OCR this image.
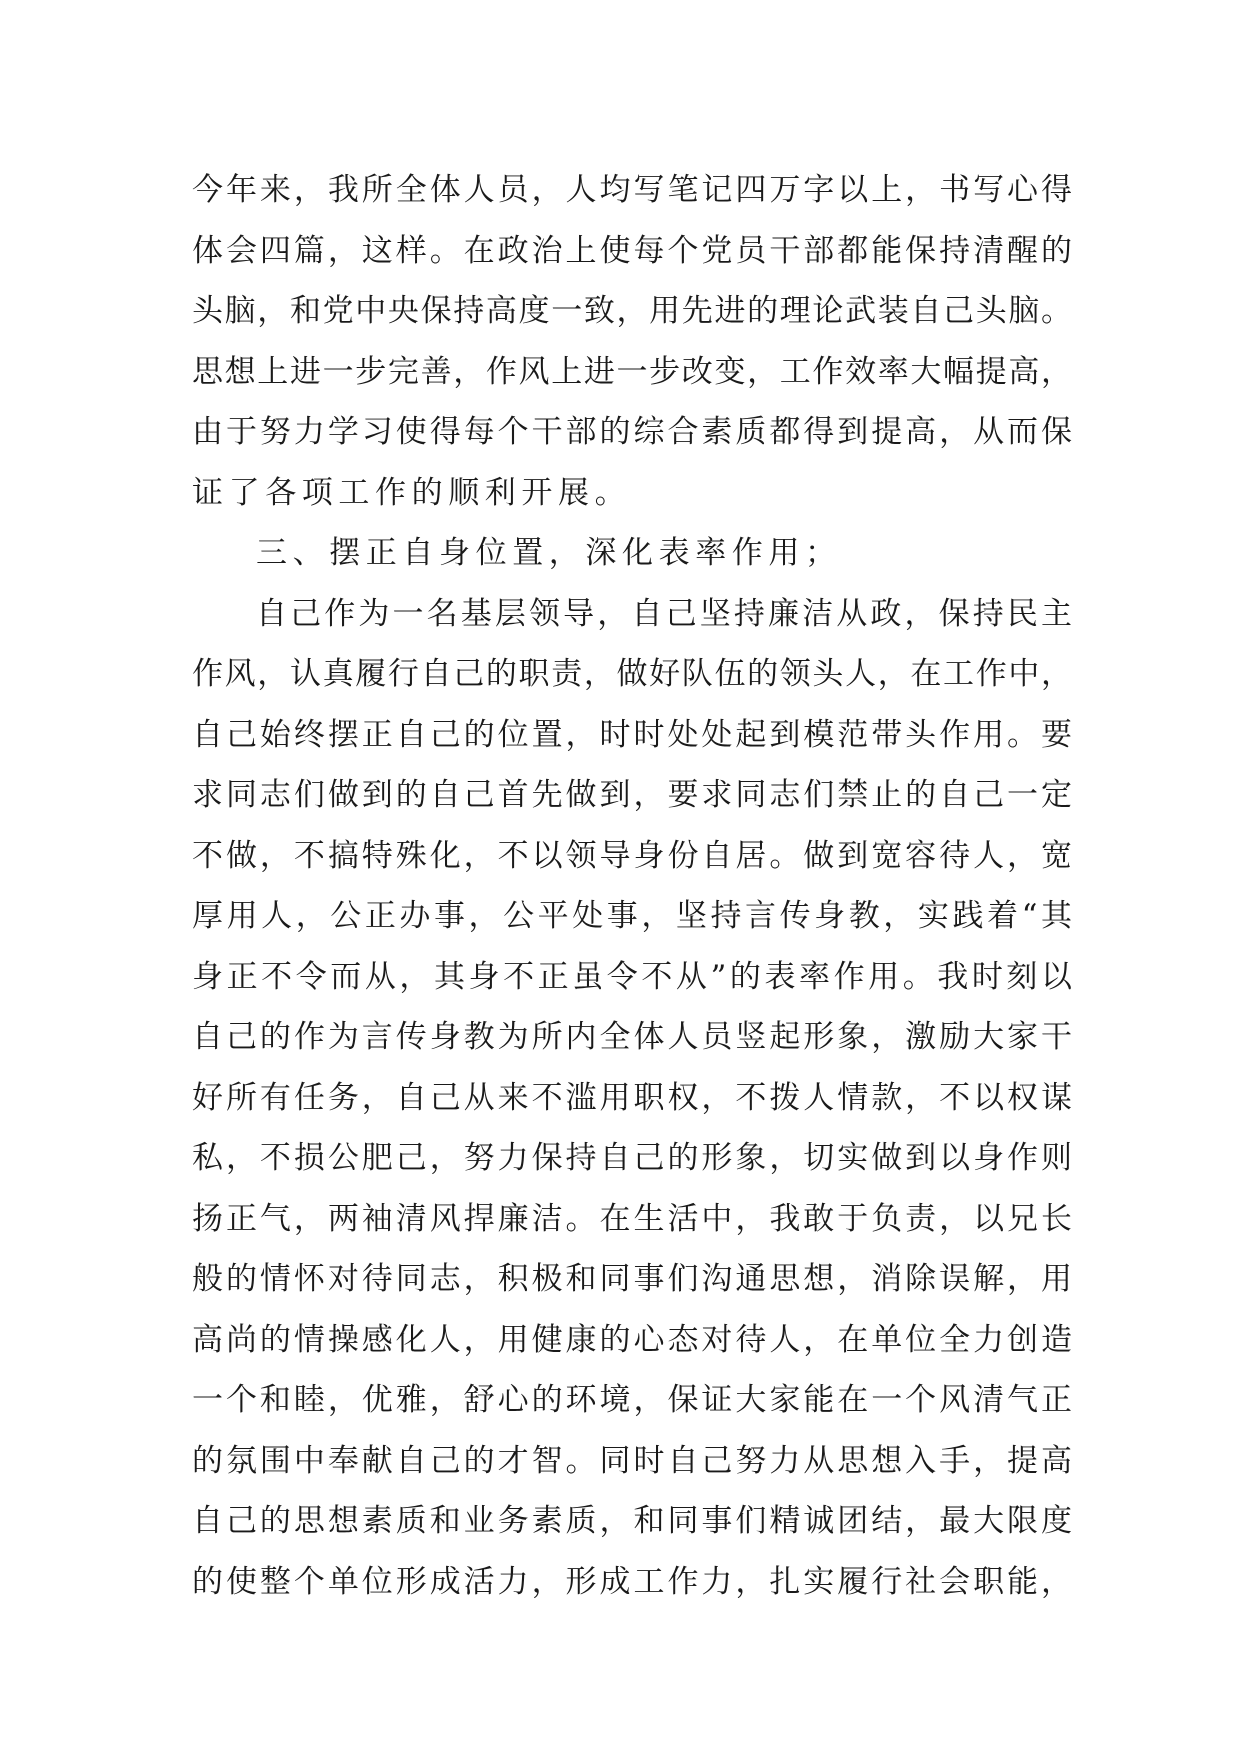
今年来，我所全体人员，人均写笔记四万字以上，书写心得
体会四篇，这样。在政治上使每个党员干部都能保持清醒的
头脑，和党中央保持高度一致，用先进的理论武装自己头脑。
思想上进一步完善，作风上进一步改变，工作效率大幅提高，
由于努力学习使得每个干部的综合素质都得到提高，从而保
证了各项工作的顺利开展。
三、摆正自身位置，深化表率作用；
自己作为一名基层领导，自己坚持廉洁从政，保持民主
作风，认真履行自己的职责，做好队伍的领头人，在工作中，
自己始终摆正自己的位置，时时处处起到模范带头作用。要
求同志们做到的自己首先做到，要求同志们禁止的自己一定
不做，不搞特殊化，不以领导身份自居。做到宽容待人，宽
厚用人，公正办事，公平处事，坚持言传身教，实践着“其
身正不令而从，其身不正虽令不从”的表率作用。我时刻以
自己的作为言传身教为所内全体人员竖起形象，激励大家干
好所有任务，自己从来不滥用职权，不拨人情款，不以权谋
私，不损公肥己，努力保持自己的形象，切实做到以身作则
扬正气，两袖清风捍廉洁。在生活中，我敢于负责，以兄长
般的情怀对待同志，积极和同事们沟通思想，消除误解，用
高尚的情操感化人，用健康的心态对待人，在单位全力创造
一个和睦，优雅，舒心的环境，保证大家能在一个风清气正
的氛围中奉献自己的才智。同时自己努力从思想入手，提高
自己的思想素质和业务素质，和同事们精诚团结，最大限度
的使整个单位形成活力，形成工作力，扎实履行社会职能，
